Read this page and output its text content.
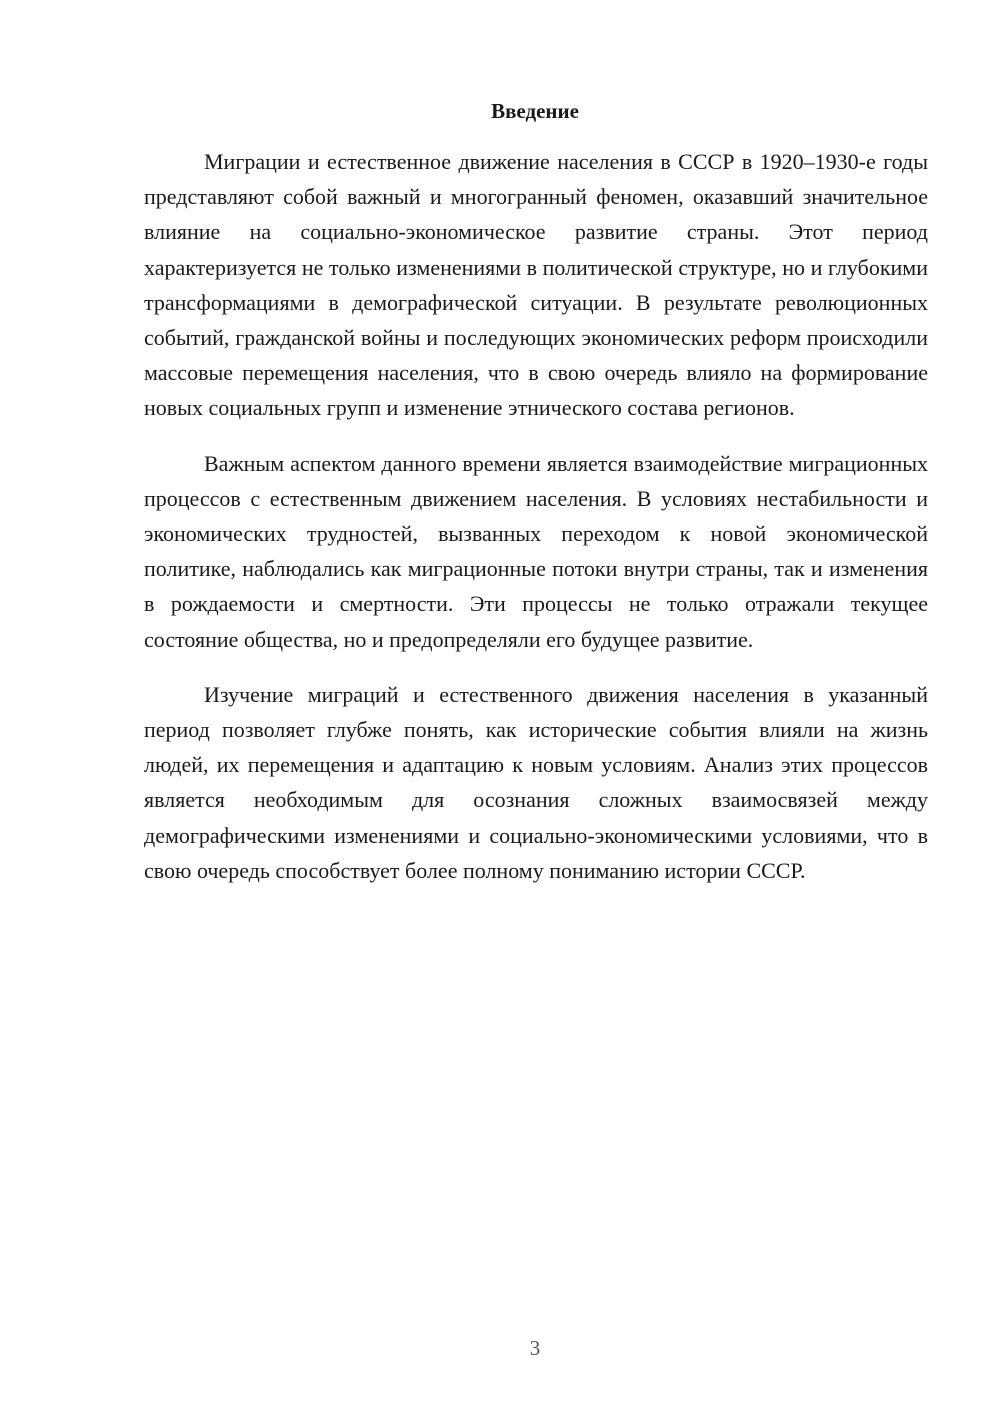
Введение

Миграции и естественное движение населения в СССР в 1920–1930-е годы представляют собой важный и многогранный феномен, оказавший значительное влияние на социально-экономическое развитие страны. Этот период характеризуется не только изменениями в политической структуре, но и глубокими трансформациями в демографической ситуации. В результате революционных событий, гражданской войны и последующих экономических реформ происходили массовые перемещения населения, что в свою очередь влияло на формирование новых социальных групп и изменение этнического состава регионов.

Важным аспектом данного времени является взаимодействие миграционных процессов с естественным движением населения. В условиях нестабильности и экономических трудностей, вызванных переходом к новой экономической политике, наблюдались как миграционные потоки внутри страны, так и изменения в рождаемости и смертности. Эти процессы не только отражали текущее состояние общества, но и предопределяли его будущее развитие.

Изучение миграций и естественного движения населения в указанный период позволяет глубже понять, как исторические события влияли на жизнь людей, их перемещения и адаптацию к новым условиям. Анализ этих процессов является необходимым для осознания сложных взаимосвязей между демографическими изменениями и социально-экономическими условиями, что в свою очередь способствует более полному пониманию истории СССР.

3
